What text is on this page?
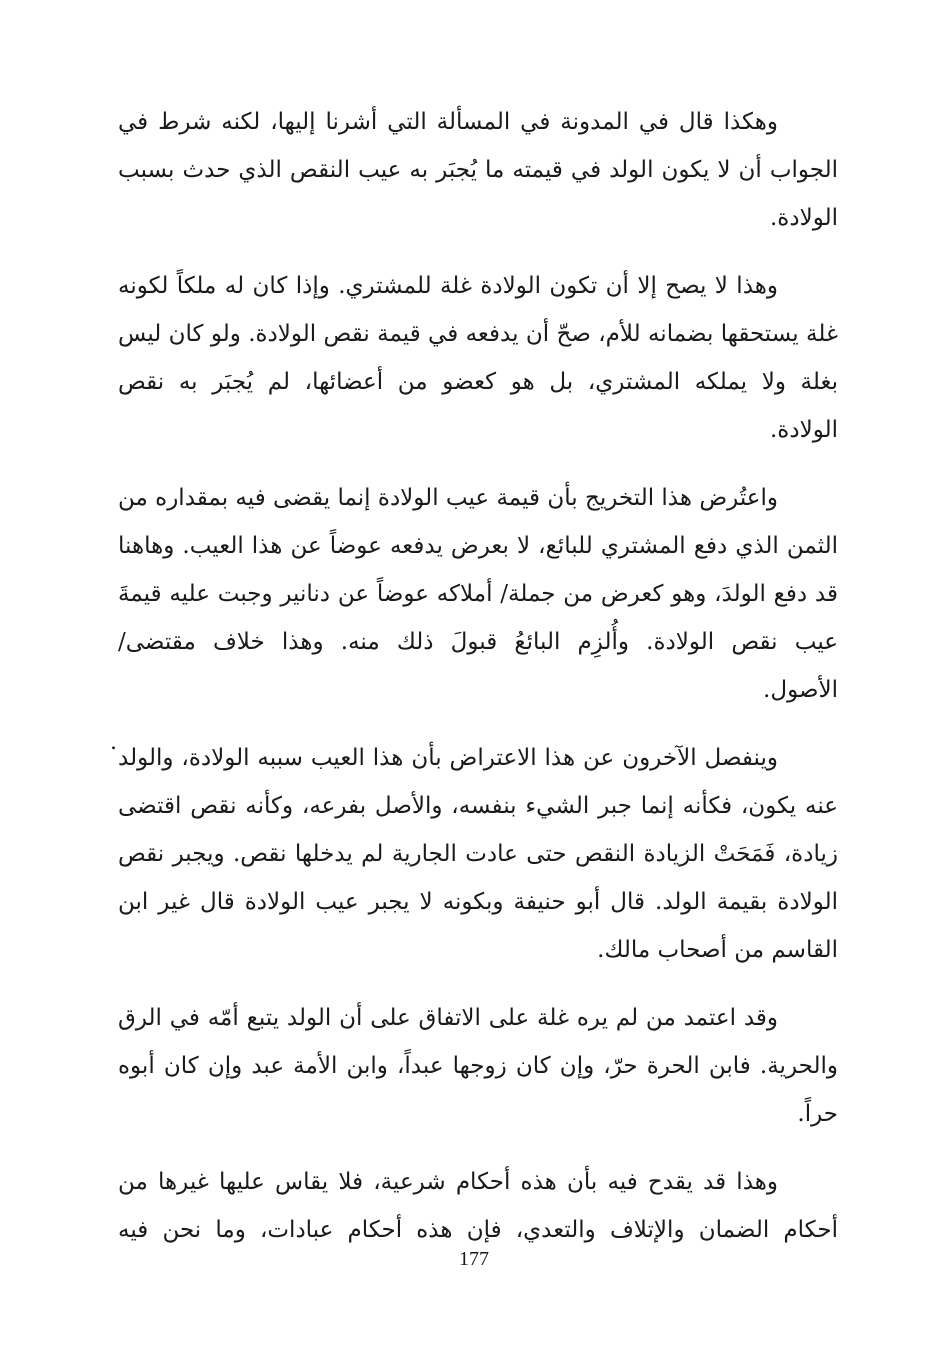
وهكذا قال في المدونة في المسألة التي أشرنا إليها، لكنه شرط في
الجواب أن لا يكون الولد في قيمته ما يُجبَر به عيب النقص الذي حدث بسبب
الولادة.

وهذا لا يصح إلا أن تكون الولادة غلة للمشتري. وإذا كان له ملكاً لكونه
غلة يستحقها بضمانه للأم، صحّ أن يدفعه في قيمة نقص الولادة. ولو كان ليس
بغلة ولا يملكه المشتري، بل هو كعضو من أعضائها، لم يُجبَر به نقص
الولادة.

واعتُرض هذا التخريج بأن قيمة عيب الولادة إنما يقضى فيه بمقداره من
الثمن الذي دفع المشتري للبائع، لا بعرض يدفعه عوضاً عن هذا العيب. وهاهنا
قد دفع الولدَ، وهو كعرض من جملة/ أملاكه عوضاً عن دنانير وجبت عليه قيمةَ
عيب نقص الولادة. وأُلزِم البائعُ قبولَ ذلك منه. وهذا خلاف مقتضى/
الأصول.

وينفصل الآخرون عن هذا الاعتراض بأن هذا العيب سببه الولادة، والولد
عنه يكون، فكأنه إنما جبر الشيء بنفسه، والأصل بفرعه، وكأنه نقص اقتضى
زيادة، فَمَحَتْ الزيادة النقص حتى عادت الجارية لم يدخلها نقص. ويجبر نقص
الولادة بقيمة الولد. قال أبو حنيفة وبكونه لا يجبر عيب الولادة قال غير ابن
القاسم من أصحاب مالك.

وقد اعتمد من لم يره غلة على الاتفاق على أن الولد يتبع أمّه في الرق
والحرية. فابن الحرة حرّ، وإن كان زوجها عبداً، وابن الأمة عبد وإن كان أبوه
حراً.

وهذا قد يقدح فيه بأن هذه أحكام شرعية، فلا يقاس عليها غيرها من
أحكام الضمان والإتلاف والتعدي، فإن هذه أحكام عبادات، وما نحن فيه

.
177
